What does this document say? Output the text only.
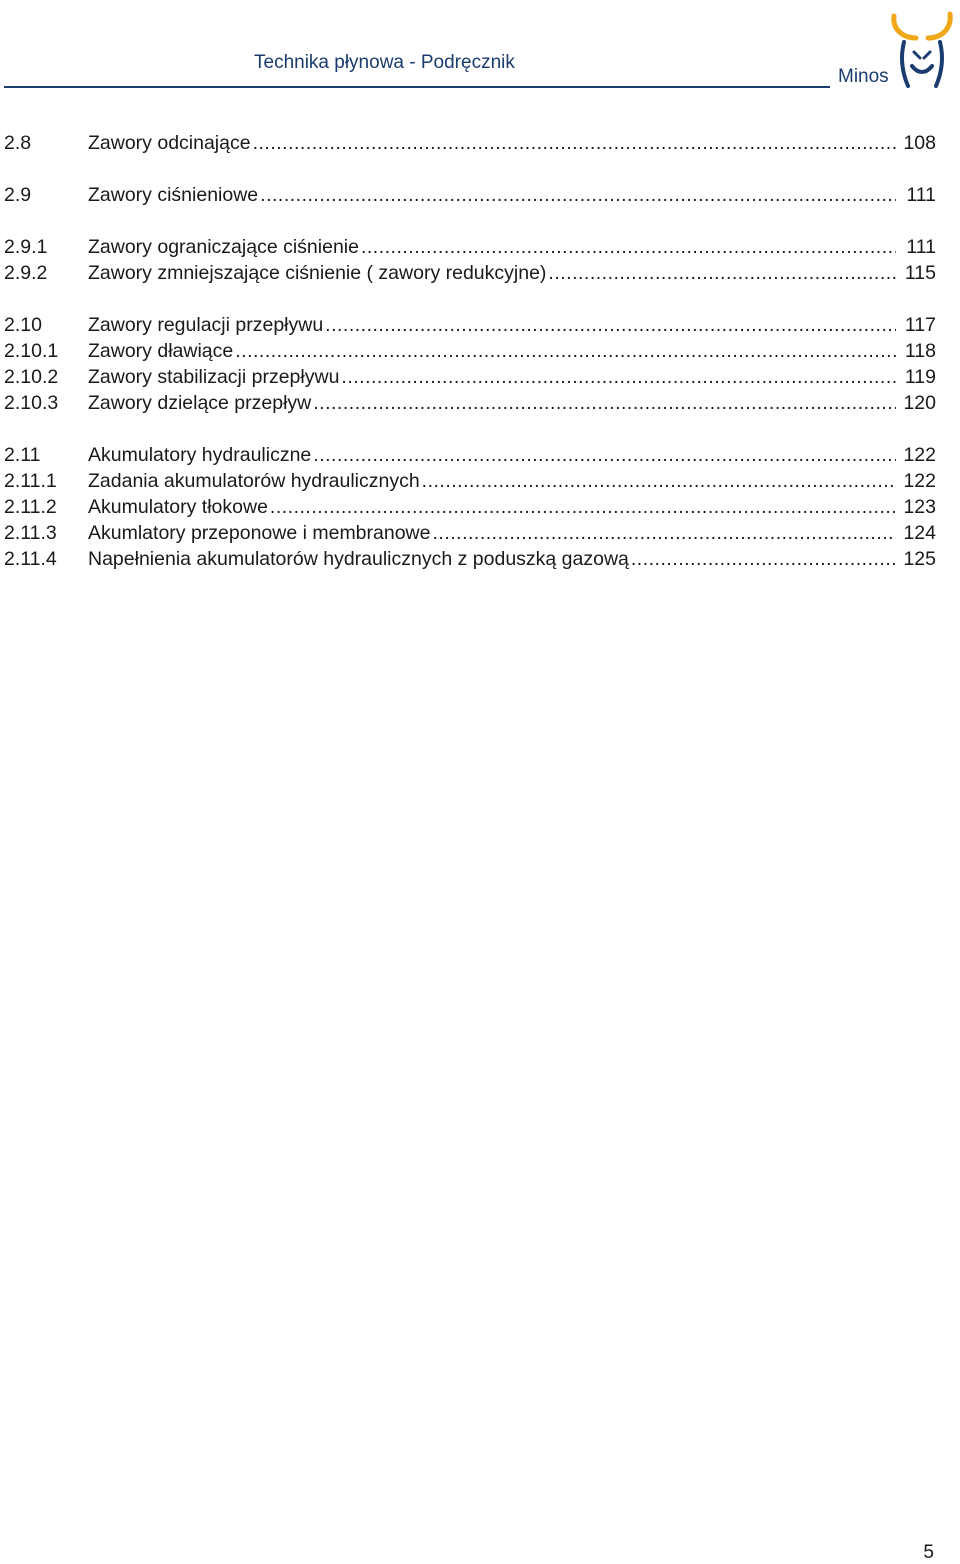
Technika płynowa - Podręcznik
Minos
2.8	Zawory odcinające .....	108
2.9	Zawory ciśnieniowe .....	111
2.9.1	Zawory ograniczające ciśnienie .....	111
2.9.2	Zawory zmniejszające ciśnienie ( zawory redukcyjne) .....	115
2.10	Zawory regulacji przepływu .....	117
2.10.1	Zawory dławiące .....	118
2.10.2	Zawory stabilizacji przepływu .....	119
2.10.3	Zawory dzielące przepływ .....	120
2.11	Akumulatory hydrauliczne .....	122
2.11.1	Zadania akumulatorów hydraulicznych .....	122
2.11.2	Akumulatory tłokowe .....	123
2.11.3	Akumlatory przeponowe i membranowe .....	124
2.11.4	Napełnienia akumulatorów hydraulicznych z poduszką gazową .....	125
5
